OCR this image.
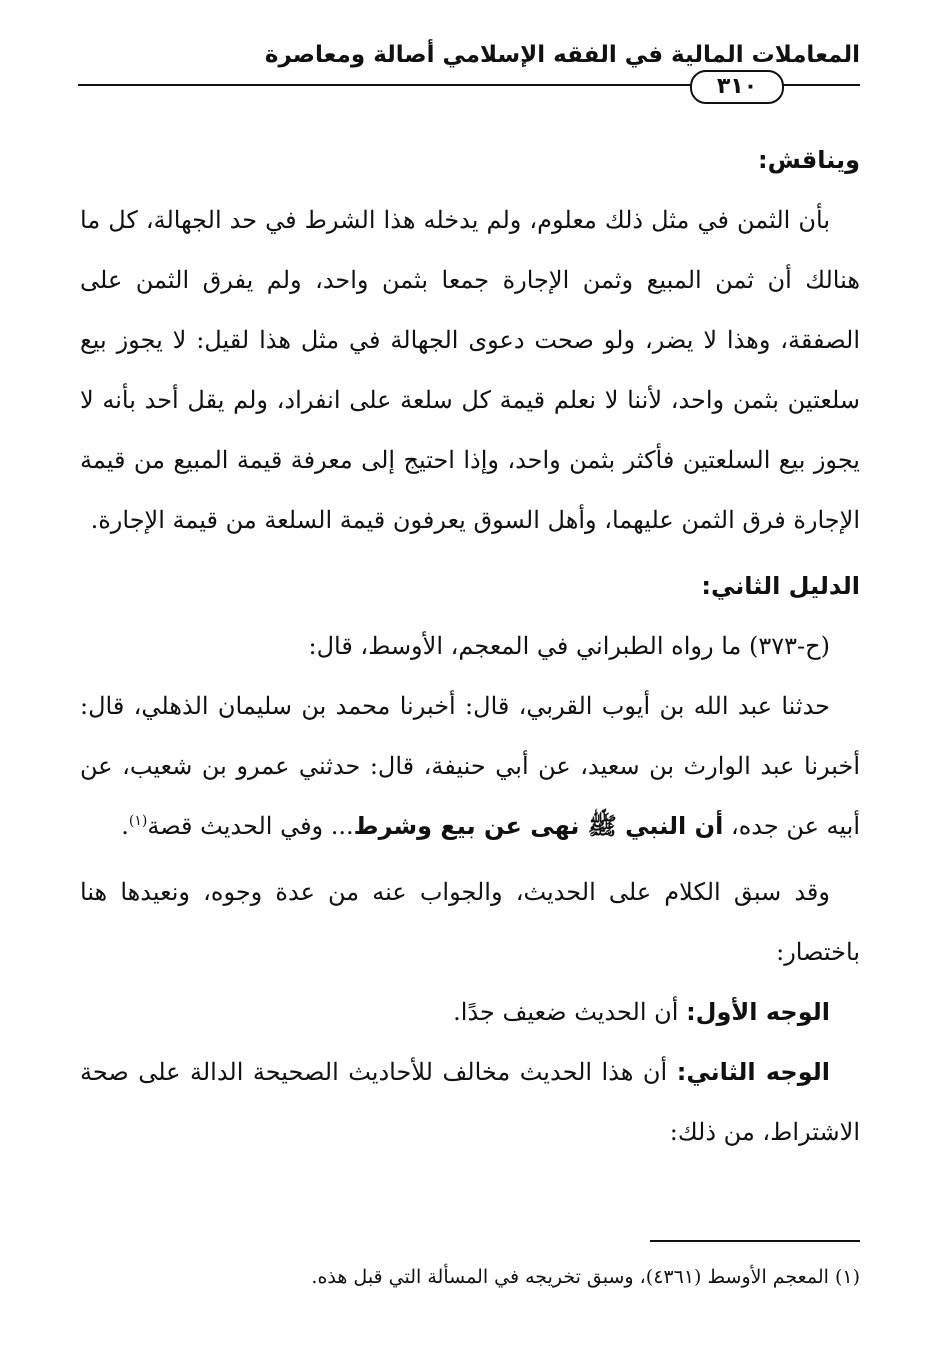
المعاملات المالية في الفقه الإسلامي أصالة ومعاصرة
٣١٠

ويناقش:

بأن الثمن في مثل ذلك معلوم، ولم يدخله هذا الشرط في حد الجهالة، كل ما هنالك أن ثمن المبيع وثمن الإجارة جمعا بثمن واحد، ولم يفرق الثمن على الصفقة، وهذا لا يضر، ولو صحت دعوى الجهالة في مثل هذا لقيل: لا يجوز بيع سلعتين بثمن واحد، لأننا لا نعلم قيمة كل سلعة على انفراد، ولم يقل أحد بأنه لا يجوز بيع السلعتين فأكثر بثمن واحد، وإذا احتيج إلى معرفة قيمة المبيع من قيمة الإجارة فرق الثمن عليهما، وأهل السوق يعرفون قيمة السلعة من قيمة الإجارة.

الدليل الثاني:

(ح-٣٧٣) ما رواه الطبراني في المعجم، الأوسط، قال:

حدثنا عبد الله بن أيوب القربي، قال: أخبرنا محمد بن سليمان الذهلي، قال: أخبرنا عبد الوارث بن سعيد، عن أبي حنيفة، قال: حدثني عمرو بن شعيب، عن أبيه عن جده، أن النبي ﷺ نهى عن بيع وشرط... وفي الحديث قصة$^{(١)}$.

وقد سبق الكلام على الحديث، والجواب عنه من عدة وجوه، ونعيدها هنا باختصار:

الوجه الأول: أن الحديث ضعيف جدًا.

الوجه الثاني: أن هذا الحديث مخالف للأحاديث الصحيحة الدالة على صحة الاشتراط، من ذلك:

(١) المعجم الأوسط (٤٣٦١)، وسبق تخريجه في المسألة التي قبل هذه.
